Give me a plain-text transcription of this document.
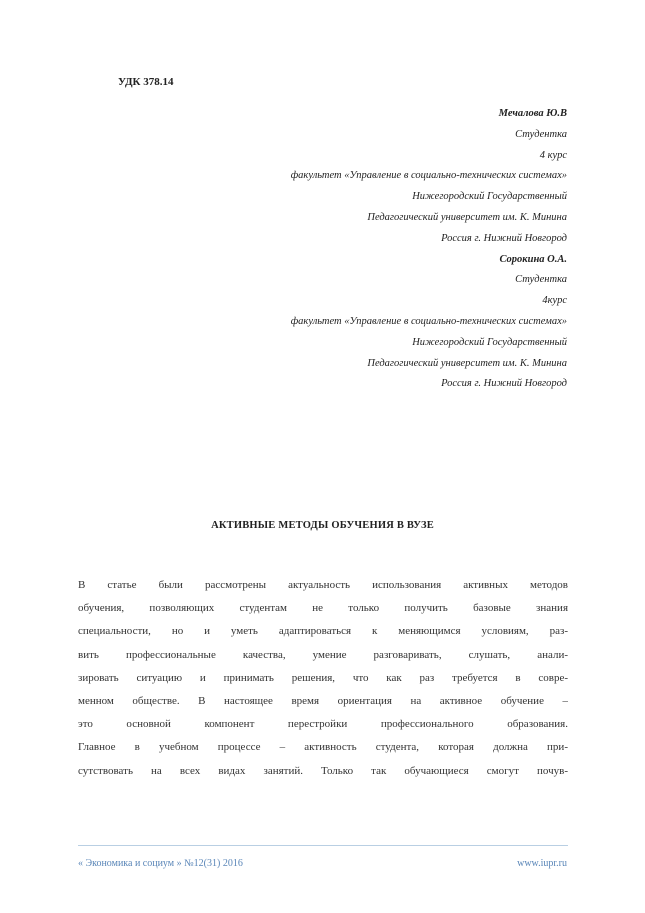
УДК 378.14
Мечалова Ю.В
Студентка
4 курс
факультет «Управление в социально-технических системах»
Нижегородский Государственный
Педагогический университет им. К. Минина
Россия г. Нижний Новгород
Сорокина О.А.
Студентка
4курс
факультет «Управление в социально-технических системах»
Нижегородский Государственный
Педагогический университет им. К. Минина
Россия г. Нижний Новгород
АКТИВНЫЕ МЕТОДЫ ОБУЧЕНИЯ В ВУЗЕ
В статье были рассмотрены актуальность использования активных методов
обучения, позволяющих студентам не только получить базовые знания
специальности, но и уметь адаптироваться к меняющимся условиям, раз-
вить профессиональные качества, умение разговаривать, слушать, анали-
зировать ситуацию и принимать решения, что как раз требуется в совре-
менном обществе. В настоящее время ориентация на активное обучение –
это основной компонент перестройки профессионального образования.
Главное в учебном процессе – активность студента, которая должна при-
сутствовать на всех видах занятий. Только так обучающиеся смогут почув-
« Экономика и социум » №12(31) 2016	www.iupr.ru
